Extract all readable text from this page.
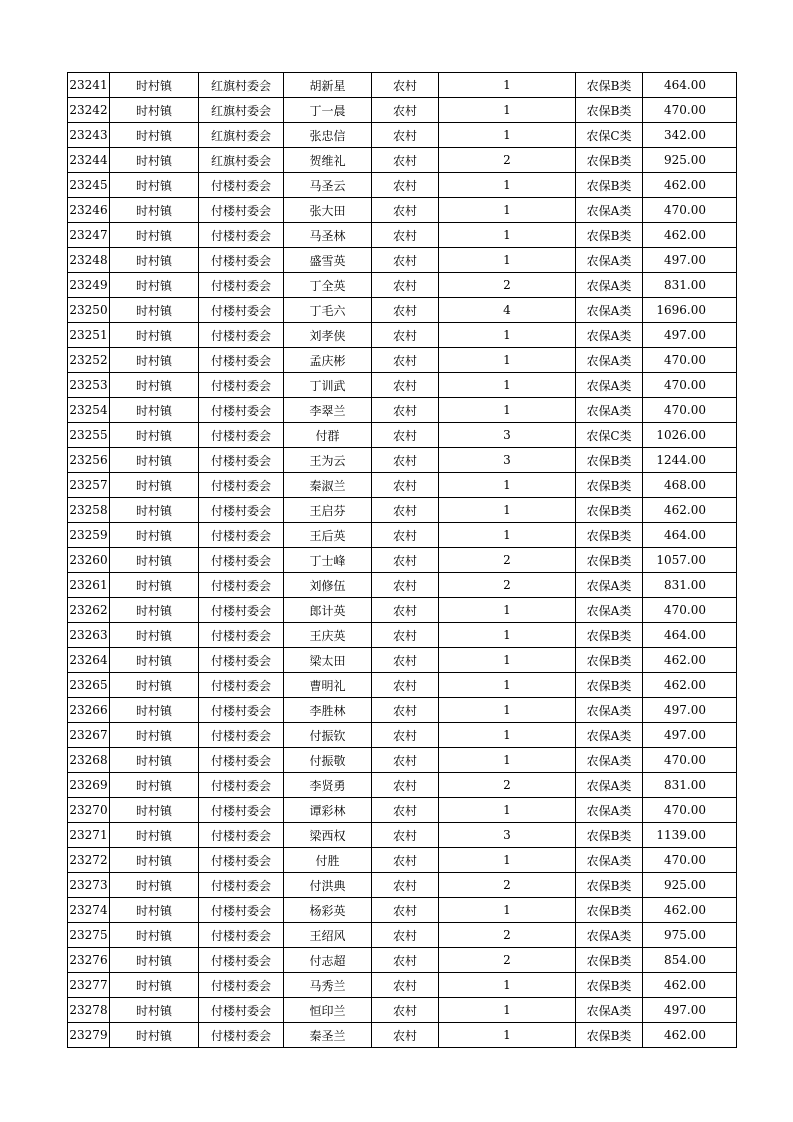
23241	时村镇	红旗村委会	胡新星	农村	1	农保B类	464.00
23242	时村镇	红旗村委会	丁一晨	农村	1	农保B类	470.00
23243	时村镇	红旗村委会	张忠信	农村	1	农保C类	342.00
23244	时村镇	红旗村委会	贺维礼	农村	2	农保B类	925.00
23245	时村镇	付楼村委会	马圣云	农村	1	农保B类	462.00
23246	时村镇	付楼村委会	张大田	农村	1	农保A类	470.00
23247	时村镇	付楼村委会	马圣林	农村	1	农保B类	462.00
23248	时村镇	付楼村委会	盛雪英	农村	1	农保A类	497.00
23249	时村镇	付楼村委会	丁全英	农村	2	农保A类	831.00
23250	时村镇	付楼村委会	丁毛六	农村	4	农保A类	1696.00
23251	时村镇	付楼村委会	刘孝侠	农村	1	农保A类	497.00
23252	时村镇	付楼村委会	孟庆彬	农村	1	农保A类	470.00
23253	时村镇	付楼村委会	丁训武	农村	1	农保A类	470.00
23254	时村镇	付楼村委会	李翠兰	农村	1	农保A类	470.00
23255	时村镇	付楼村委会	付群	农村	3	农保C类	1026.00
23256	时村镇	付楼村委会	王为云	农村	3	农保B类	1244.00
23257	时村镇	付楼村委会	秦淑兰	农村	1	农保B类	468.00
23258	时村镇	付楼村委会	王启芬	农村	1	农保B类	462.00
23259	时村镇	付楼村委会	王后英	农村	1	农保B类	464.00
23260	时村镇	付楼村委会	丁士峰	农村	2	农保B类	1057.00
23261	时村镇	付楼村委会	刘修伍	农村	2	农保A类	831.00
23262	时村镇	付楼村委会	郎计英	农村	1	农保A类	470.00
23263	时村镇	付楼村委会	王庆英	农村	1	农保B类	464.00
23264	时村镇	付楼村委会	梁太田	农村	1	农保B类	462.00
23265	时村镇	付楼村委会	曹明礼	农村	1	农保B类	462.00
23266	时村镇	付楼村委会	李胜林	农村	1	农保A类	497.00
23267	时村镇	付楼村委会	付振钦	农村	1	农保A类	497.00
23268	时村镇	付楼村委会	付振敬	农村	1	农保A类	470.00
23269	时村镇	付楼村委会	李贤勇	农村	2	农保A类	831.00
23270	时村镇	付楼村委会	谭彩林	农村	1	农保A类	470.00
23271	时村镇	付楼村委会	梁西权	农村	3	农保B类	1139.00
23272	时村镇	付楼村委会	付胜	农村	1	农保A类	470.00
23273	时村镇	付楼村委会	付洪典	农村	2	农保B类	925.00
23274	时村镇	付楼村委会	杨彩英	农村	1	农保B类	462.00
23275	时村镇	付楼村委会	王绍风	农村	2	农保A类	975.00
23276	时村镇	付楼村委会	付志超	农村	2	农保B类	854.00
23277	时村镇	付楼村委会	马秀兰	农村	1	农保B类	462.00
23278	时村镇	付楼村委会	恒印兰	农村	1	农保A类	497.00
23279	时村镇	付楼村委会	秦圣兰	农村	1	农保B类	462.00
